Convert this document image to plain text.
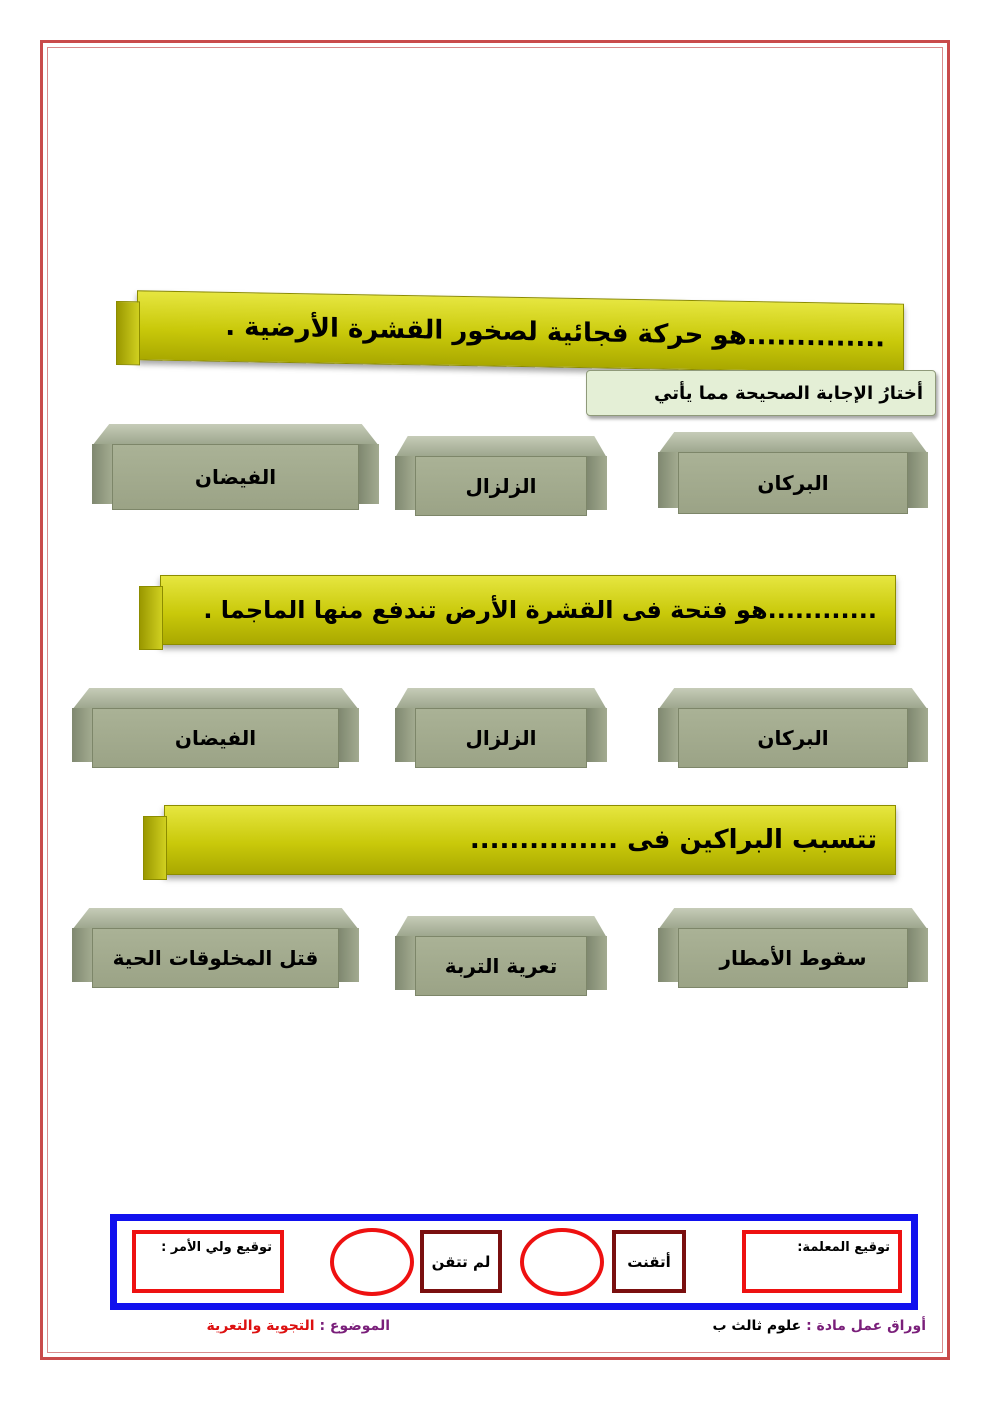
..............هو حركة فجائية لصخور القشرة الأرضية .
أختارُ الإجابة الصحيحة مما يأتي
البركان
الزلزال
الفيضان
............هو فتحة فى القشرة الأرض تندفع منها الماجما .
البركان
الزلزال
الفيضان
تتسبب البراكين فى ...............
سقوط الأمطار
تعرية التربة
قتل المخلوقات الحية
توقيع المعلمة:
أتقنت
لم تتقن
توقيع ولي الأمر :
أوراق عمل مادة : علوم ثالث ب
الموضوع : التجوية والتعرية
